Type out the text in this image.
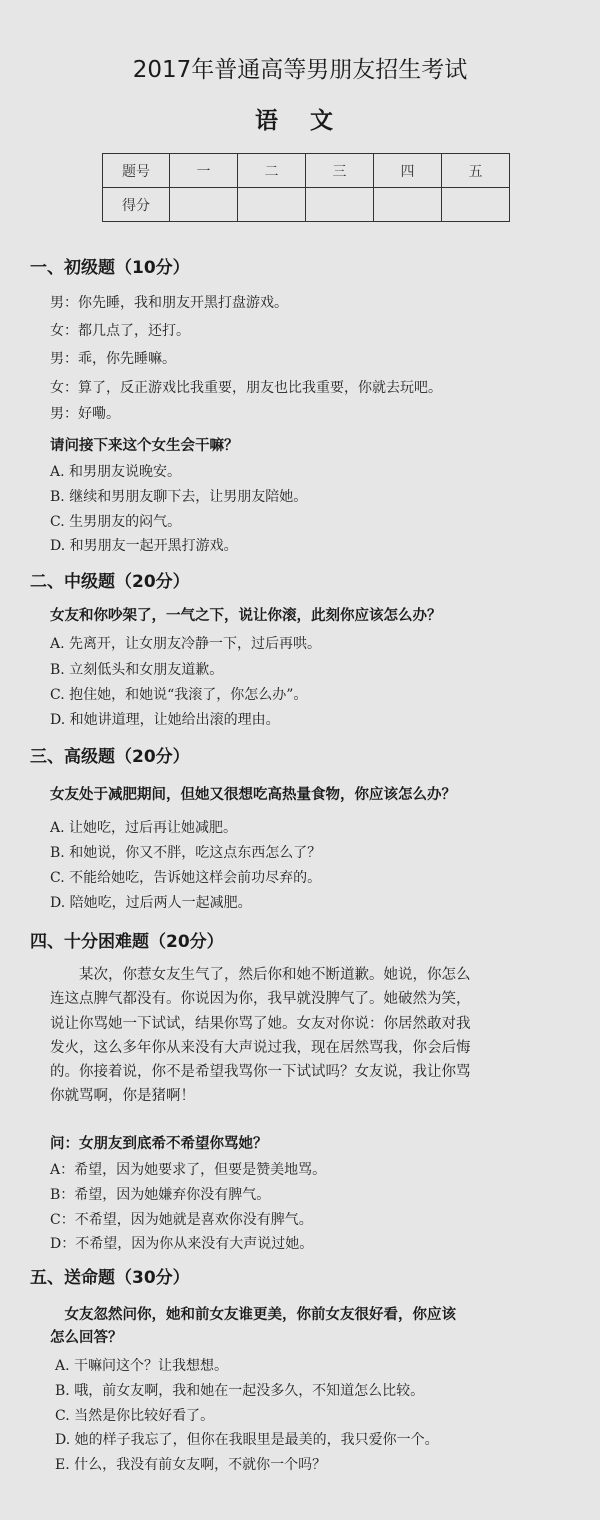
2017年普通高等男朋友招生考试
语 文
题号	一	二	三	四	五
得分					
一、初级题（10分）
男：你先睡，我和朋友开黑打盘游戏。
女：都几点了，还打。
男：乖，你先睡嘛。
女：算了，反正游戏比我重要，朋友也比我重要，你就去玩吧。
男：好嘞。
请问接下来这个女生会干嘛？
A. 和男朋友说晚安。
B. 继续和男朋友聊下去，让男朋友陪她。
C. 生男朋友的闷气。
D. 和男朋友一起开黑打游戏。
二、中级题（20分）
女友和你吵架了，一气之下，说让你滚，此刻你应该怎么办？
A. 先离开，让女朋友冷静一下，过后再哄。
B. 立刻低头和女朋友道歉。
C. 抱住她，和她说“我滚了，你怎么办”。
D. 和她讲道理，让她给出滚的理由。
三、高级题（20分）
女友处于减肥期间，但她又很想吃高热量食物，你应该怎么办？
A. 让她吃，过后再让她减肥。
B. 和她说，你又不胖，吃这点东西怎么了？
C. 不能给她吃，告诉她这样会前功尽弃的。
D. 陪她吃，过后两人一起减肥。
四、十分困难题（20分）

　　某次，你惹女友生气了，然后你和她不断道歉。她说，你怎么

连这点脾气都没有。你说因为你，我早就没脾气了。她破然为笑，

说让你骂她一下试试，结果你骂了她。女友对你说：你居然敢对我

发火，这么多年你从来没有大声说过我，现在居然骂我，你会后悔

的。你接着说，你不是希望我骂你一下试试吗？女友说，我让你骂

你就骂啊，你是猪啊！

问：女朋友到底希不希望你骂她？
A：希望，因为她要求了，但要是赞美地骂。
B：希望，因为她嫌弃你没有脾气。
C：不希望，因为她就是喜欢你没有脾气。
D：不希望，因为你从来没有大声说过她。
五、送命题（30分）
　女友忽然问你，她和前女友谁更美，你前女友很好看，你应该
怎么回答？
A. 干嘛问这个？让我想想。
B. 哦，前女友啊，我和她在一起没多久，不知道怎么比较。
C. 当然是你比较好看了。
D. 她的样子我忘了，但你在我眼里是最美的，我只爱你一个。
E. 什么，我没有前女友啊，不就你一个吗？
